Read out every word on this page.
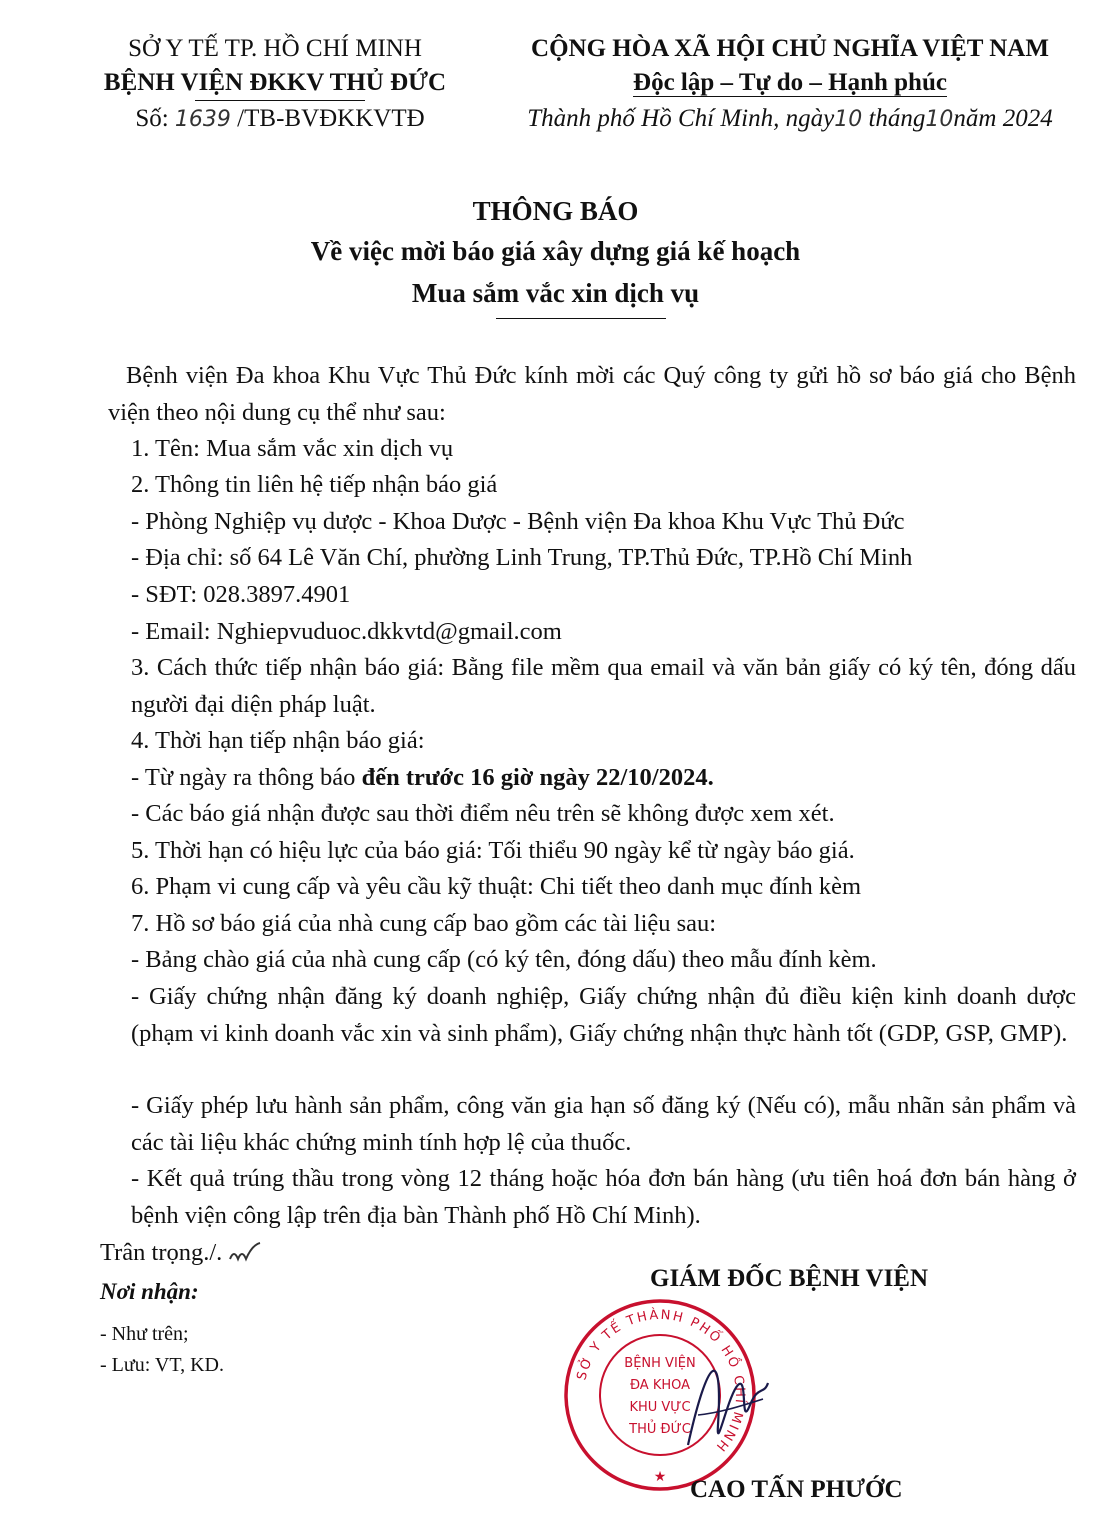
SỞ Y TẾ TP. HỒ CHÍ MINH
BỆNH VIỆN ĐKKV THỦ ĐỨC
Số: 1639 /TB-BVĐKKVTĐ
CỘNG HÒA XÃ HỘI CHỦ NGHĨA VIỆT NAM
Độc lập – Tự do – Hạnh phúc
Thành phố Hồ Chí Minh, ngày10 tháng10năm 2024
THÔNG BÁO
Về việc mời báo giá xây dựng giá kế hoạch
Mua sắm vắc xin dịch vụ
Bệnh viện Đa khoa Khu Vực Thủ Đức kính mời các Quý công ty gửi hồ sơ báo giá cho Bệnh viện theo nội dung cụ thể như sau:
1. Tên: Mua sắm vắc xin dịch vụ
2. Thông tin liên hệ tiếp nhận báo giá
- Phòng Nghiệp vụ dược - Khoa Dược - Bệnh viện Đa khoa Khu Vực Thủ Đức
- Địa chỉ: số 64 Lê Văn Chí, phường Linh Trung, TP.Thủ Đức, TP.Hồ Chí Minh
- SĐT: 028.3897.4901
- Email: Nghiepvuduoc.dkkvtd@gmail.com
3. Cách thức tiếp nhận báo giá: Bằng file mềm qua email và văn bản giấy có ký tên, đóng dấu người đại diện pháp luật.
4. Thời hạn tiếp nhận báo giá:
- Từ ngày ra thông báo đến trước 16 giờ ngày 22/10/2024.
- Các báo giá nhận được sau thời điểm nêu trên sẽ không được xem xét.
5. Thời hạn có hiệu lực của báo giá: Tối thiểu 90 ngày kể từ ngày báo giá.
6. Phạm vi cung cấp và yêu cầu kỹ thuật: Chi tiết theo danh mục đính kèm
7. Hồ sơ báo giá của nhà cung cấp bao gồm các tài liệu sau:
- Bảng chào giá của nhà cung cấp (có ký tên, đóng dấu) theo mẫu đính kèm.
- Giấy chứng nhận đăng ký doanh nghiệp, Giấy chứng nhận đủ điều kiện kinh doanh dược (phạm vi kinh doanh vắc xin và sinh phẩm), Giấy chứng nhận thực hành tốt (GDP, GSP, GMP).
- Giấy phép lưu hành sản phẩm, công văn gia hạn số đăng ký (Nếu có), mẫu nhãn sản phẩm và các tài liệu khác chứng minh tính hợp lệ của thuốc.
- Kết quả trúng thầu trong vòng 12 tháng hoặc hóa đơn bán hàng (ưu tiên hoá đơn bán hàng ở bệnh viện công lập trên địa bàn Thành phố Hồ Chí Minh).
Trân trọng./.
Nơi nhận:
- Như trên;
- Lưu: VT, KD.
GIÁM ĐỐC BỆNH VIỆN
SỞ Y TẾ THÀNH PHỐ HỒ CHÍ MINH
BỆNH VIỆN
ĐA KHOA
KHU VỰC
THỦ ĐỨC
★ CAO TẤN PHƯỚC
